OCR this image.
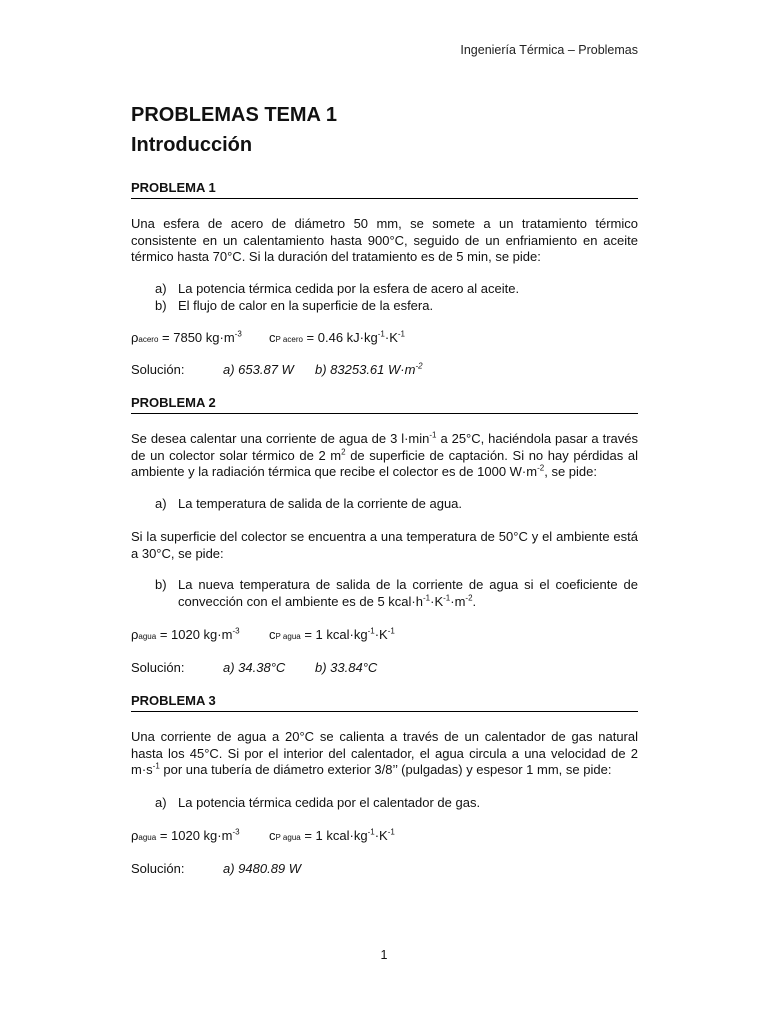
Ingeniería Térmica – Problemas
PROBLEMAS TEMA 1
Introducción
PROBLEMA 1

Una esfera de acero de diámetro 50 mm, se somete a un tratamiento térmico consistente en un calentamiento hasta 900°C, seguido de un enfriamiento en aceite térmico hasta 70°C. Si la duración del tratamiento es de 5 min, se pide:

a) La potencia térmica cedida por la esfera de acero al aceite.
b) El flujo de calor en la superficie de la esfera.
ρacero = 7850 $kg\cdot m^{-3}$	cP acero = 0.46 $kJ\cdot kg^{-1}\cdot K^{-1}$
Solución:	a) 653.87 W	b) 83253.61 $W\cdot m^{-2}$
PROBLEMA 2

Se desea calentar una corriente de agua de 3 $l\cdot\min^{-1}$ a 25°C, haciéndola pasar a través de un colector solar térmico de 2 $m^2$ de superficie de captación. Si no hay pérdidas al ambiente y la radiación térmica que recibe el colector es de 1000 $W\cdot m^{-2}$, se pide:

a) La temperatura de salida de la corriente de agua.

Si la superficie del colector se encuentra a una temperatura de 50°C y el ambiente está a 30°C, se pide:

b) La nueva temperatura de salida de la corriente de agua si el coeficiente de convección con el ambiente es de 5 $kcal\cdot h^{-1}\cdot K^{-1}\cdot m^{-2}$.
ρagua = 1020 $kg\cdot m^{-3}$	cP agua = 1 $kcal\cdot kg^{-1}\cdot K^{-1}$
Solución:	a) 34.38°C	b) 33.84°C
PROBLEMA 3

Una corriente de agua a 20°C se calienta a través de un calentador de gas natural hasta los 45°C. Si por el interior del calentador, el agua circula a una velocidad de 2 $m\cdot s^{-1}$ por una tubería de diámetro exterior 3/8’’ (pulgadas) y espesor 1 mm, se pide:

a) La potencia térmica cedida por el calentador de gas.
ρagua = 1020 $kg\cdot m^{-3}$	cP agua = 1 $kcal\cdot kg^{-1}\cdot K^{-1}$
Solución:	a) 9480.89 W
1
